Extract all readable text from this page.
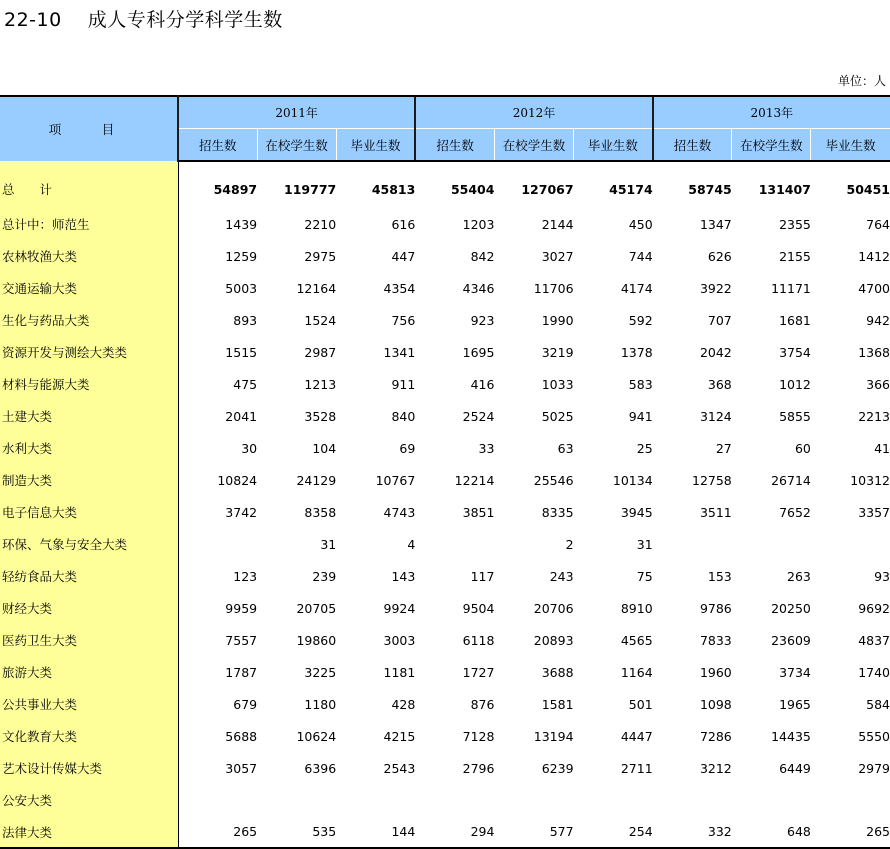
22-10 成人专科分学科学生数
单位：人
项　目	2011年			2012年			2013年		
	招生数	在校学生数	毕业生数	招生数	在校学生数	毕业生数	招生数	在校学生数	毕业生数
总　　计	54897	119777	45813	55404	127067	45174	58745	131407	50451
总计中：师范生	1439	2210	616	1203	2144	450	1347	2355	764
农林牧渔大类	1259	2975	447	842	3027	744	626	2155	1412
交通运输大类	5003	12164	4354	4346	11706	4174	3922	11171	4700
生化与药品大类	893	1524	756	923	1990	592	707	1681	942
资源开发与测绘大类类	1515	2987	1341	1695	3219	1378	2042	3754	1368
材料与能源大类	475	1213	911	416	1033	583	368	1012	366
土建大类	2041	3528	840	2524	5025	941	3124	5855	2213
水利大类	30	104	69	33	63	25	27	60	41
制造大类	10824	24129	10767	12214	25546	10134	12758	26714	10312
电子信息大类	3742	8358	4743	3851	8335	3945	3511	7652	3357
环保、气象与安全大类		31	4		2	31			
轻纺食品大类	123	239	143	117	243	75	153	263	93
财经大类	9959	20705	9924	9504	20706	8910	9786	20250	9692
医药卫生大类	7557	19860	3003	6118	20893	4565	7833	23609	4837
旅游大类	1787	3225	1181	1727	3688	1164	1960	3734	1740
公共事业大类	679	1180	428	876	1581	501	1098	1965	584
文化教育大类	5688	10624	4215	7128	13194	4447	7286	14435	5550
艺术设计传媒大类	3057	6396	2543	2796	6239	2711	3212	6449	2979
公安大类									
法律大类	265	535	144	294	577	254	332	648	265
